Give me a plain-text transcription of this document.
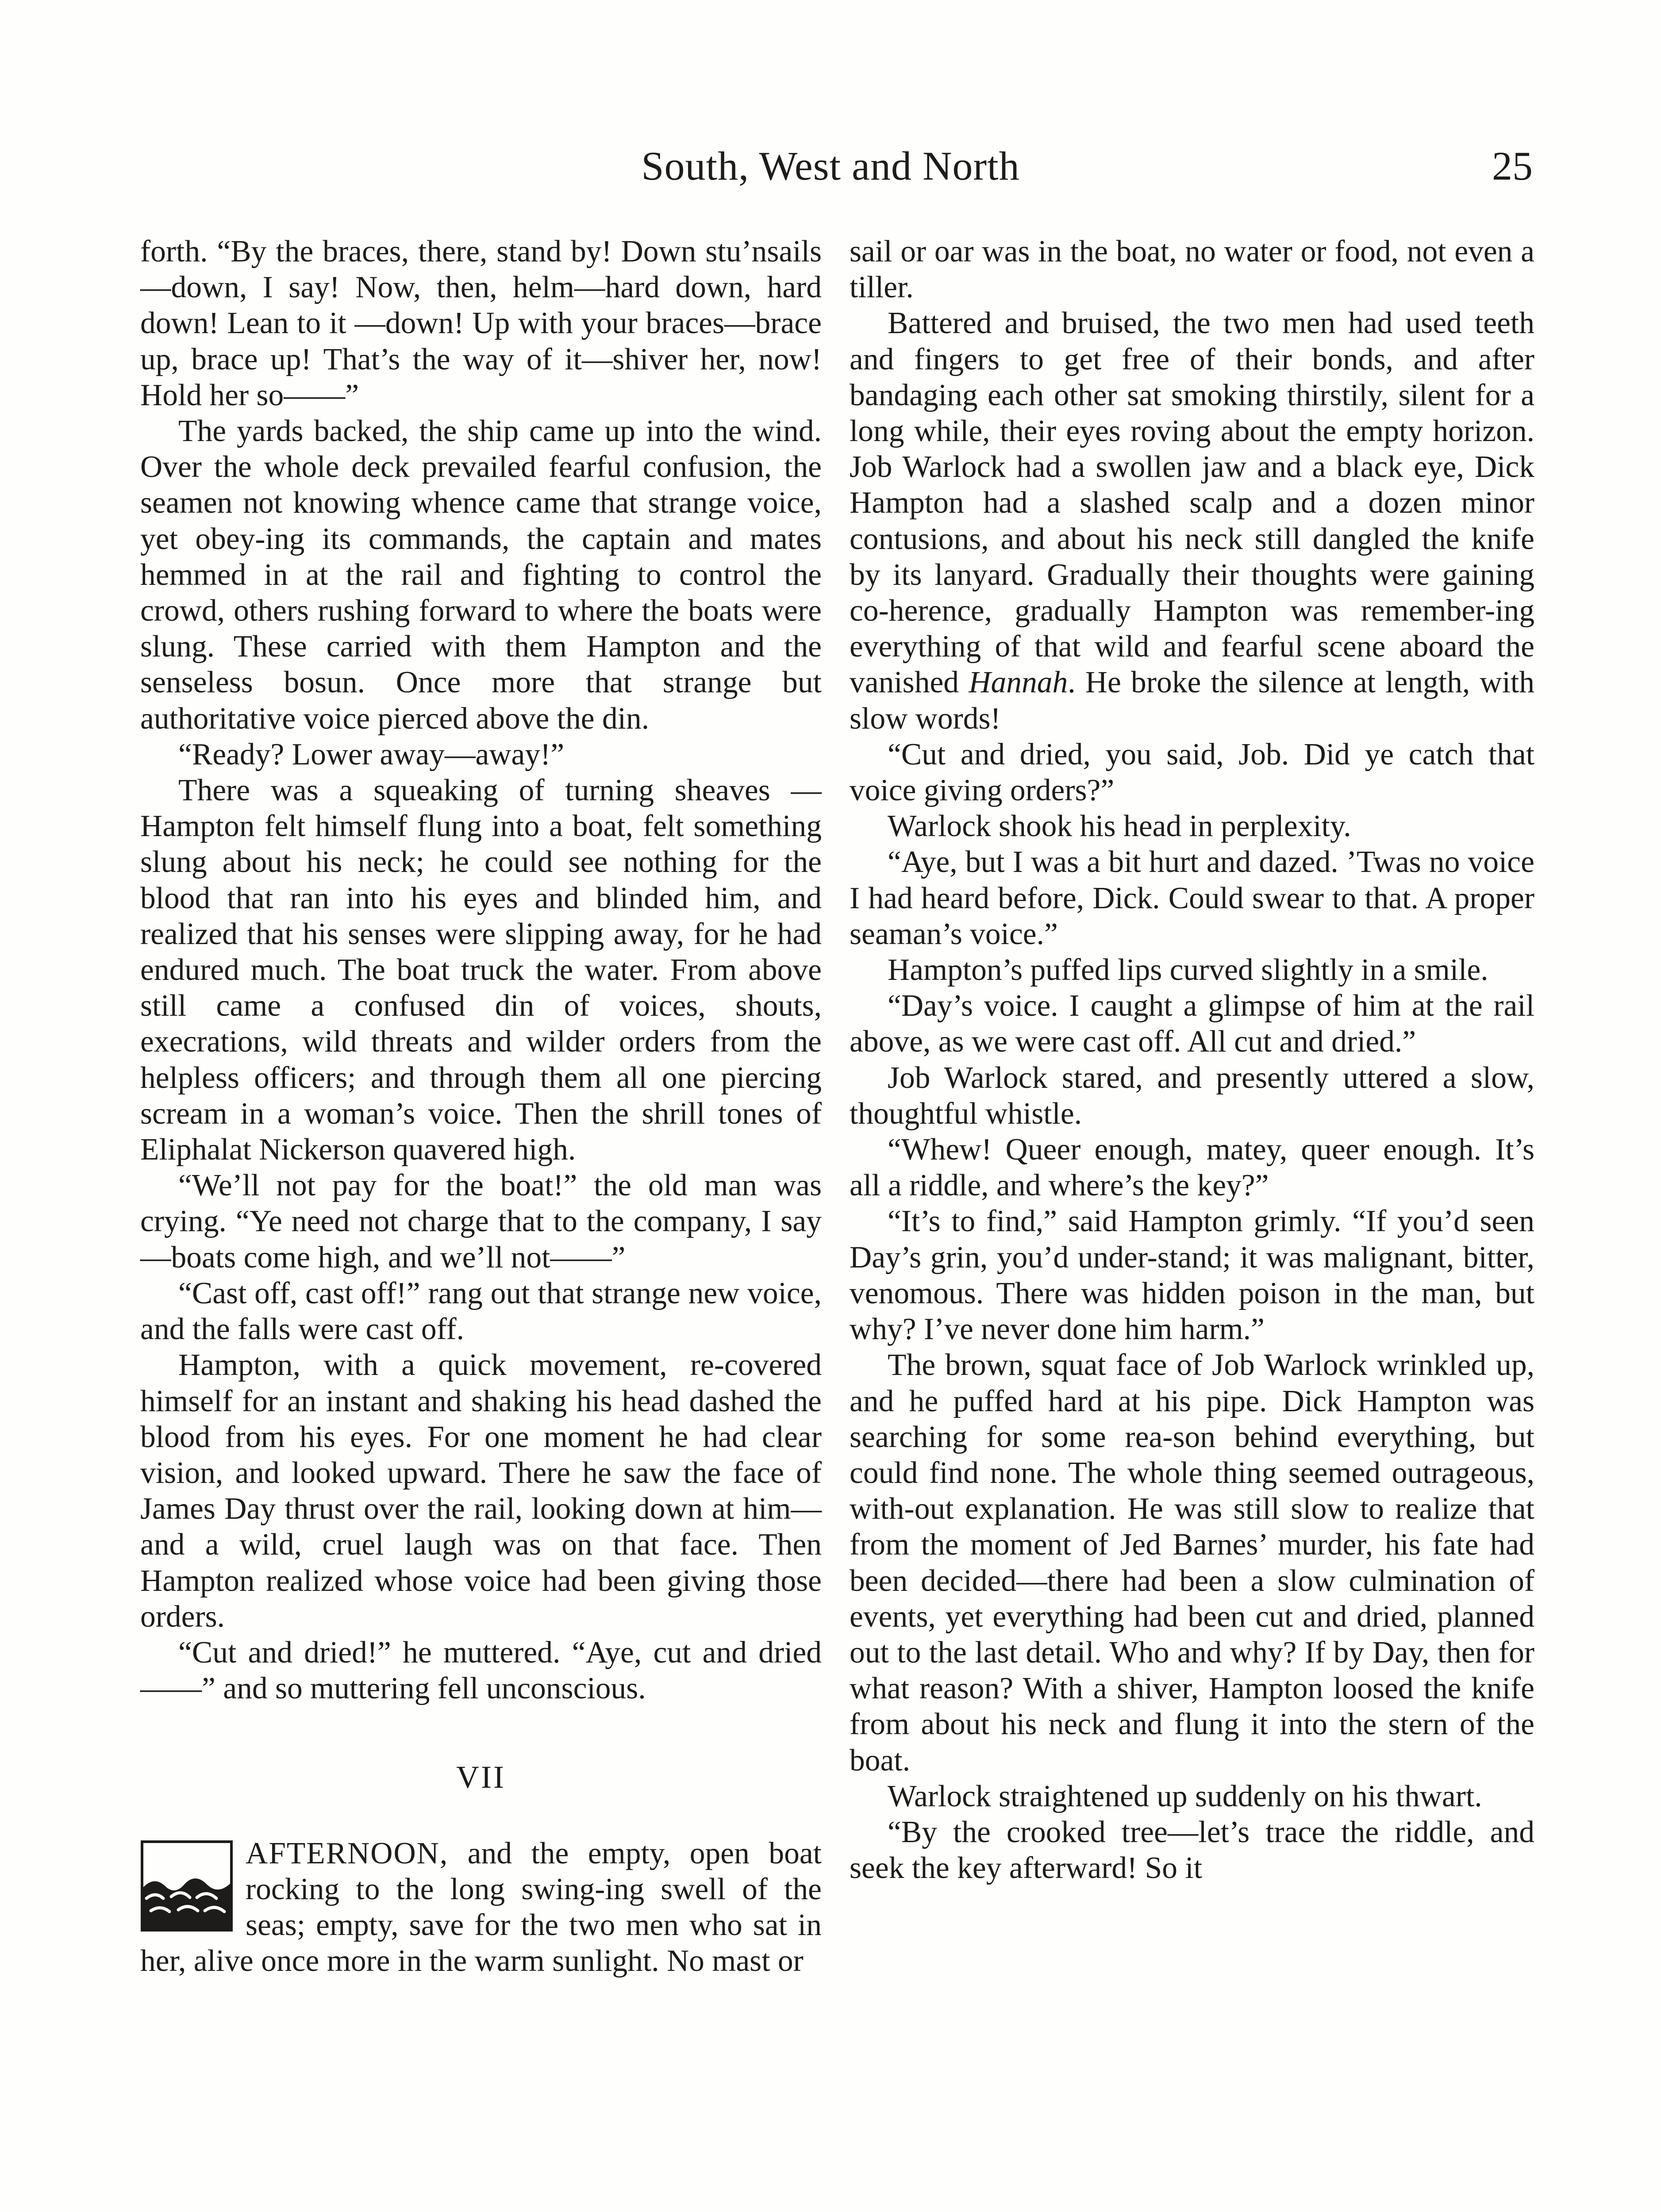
South, West and North	25

forth. “By the braces, there, stand by! Down stu’nsails—down, I say! Now, then, helm—hard down, hard down! Lean to it —down! Up with your braces—brace up, brace up! That’s the way of it—shiver her, now! Hold her so——”

The yards backed, the ship came up into the wind. Over the whole deck prevailed fearful confusion, the seamen not knowing whence came that strange voice, yet obey-ing its commands, the captain and mates hemmed in at the rail and fighting to control the crowd, others rushing forward to where the boats were slung. These carried with them Hampton and the senseless bosun. Once more that strange but authoritative voice pierced above the din.

“Ready? Lower away—away!”

There was a squeaking of turning sheaves —Hampton felt himself flung into a boat, felt something slung about his neck; he could see nothing for the blood that ran into his eyes and blinded him, and realized that his senses were slipping away, for he had endured much. The boat truck the water. From above still came a confused din of voices, shouts, execrations, wild threats and wilder orders from the helpless officers; and through them all one piercing scream in a woman’s voice. Then the shrill tones of Eliphalat Nickerson quavered high.

“We’ll not pay for the boat!” the old man was crying. “Ye need not charge that to the company, I say—boats come high, and we’ll not——”

“Cast off, cast off!” rang out that strange new voice, and the falls were cast off.

Hampton, with a quick movement, re-covered himself for an instant and shaking his head dashed the blood from his eyes. For one moment he had clear vision, and looked upward. There he saw the face of James Day thrust over the rail, looking down at him—and a wild, cruel laugh was on that face. Then Hampton realized whose voice had been giving those orders.

“Cut and dried!” he muttered. “Aye, cut and dried——” and so muttering fell unconscious.

VII

AFTERNOON, and the empty, open boat rocking to the long swing-ing swell of the seas; empty, save for the two men who sat in her, alive once more in the warm sunlight. No mast or

sail or oar was in the boat, no water or food, not even a tiller.

Battered and bruised, the two men had used teeth and fingers to get free of their bonds, and after bandaging each other sat smoking thirstily, silent for a long while, their eyes roving about the empty horizon. Job Warlock had a swollen jaw and a black eye, Dick Hampton had a slashed scalp and a dozen minor contusions, and about his neck still dangled the knife by its lanyard. Gradually their thoughts were gaining co-herence, gradually Hampton was remember-ing everything of that wild and fearful scene aboard the vanished Hannah. He broke the silence at length, with slow words!

“Cut and dried, you said, Job. Did ye catch that voice giving orders?”

Warlock shook his head in perplexity.

“Aye, but I was a bit hurt and dazed. ’Twas no voice I had heard before, Dick. Could swear to that. A proper seaman’s voice.”

Hampton’s puffed lips curved slightly in a smile.

“Day’s voice. I caught a glimpse of him at the rail above, as we were cast off. All cut and dried.”

Job Warlock stared, and presently uttered a slow, thoughtful whistle.

“Whew! Queer enough, matey, queer enough. It’s all a riddle, and where’s the key?”

“It’s to find,” said Hampton grimly. “If you’d seen Day’s grin, you’d under-stand; it was malignant, bitter, venomous. There was hidden poison in the man, but why? I’ve never done him harm.”

The brown, squat face of Job Warlock wrinkled up, and he puffed hard at his pipe. Dick Hampton was searching for some rea-son behind everything, but could find none. The whole thing seemed outrageous, with-out explanation. He was still slow to realize that from the moment of Jed Barnes’ murder, his fate had been decided—there had been a slow culmination of events, yet everything had been cut and dried, planned out to the last detail. Who and why? If by Day, then for what reason? With a shiver, Hampton loosed the knife from about his neck and flung it into the stern of the boat.

Warlock straightened up suddenly on his thwart.

“By the crooked tree—let’s trace the riddle, and seek the key afterward! So it
